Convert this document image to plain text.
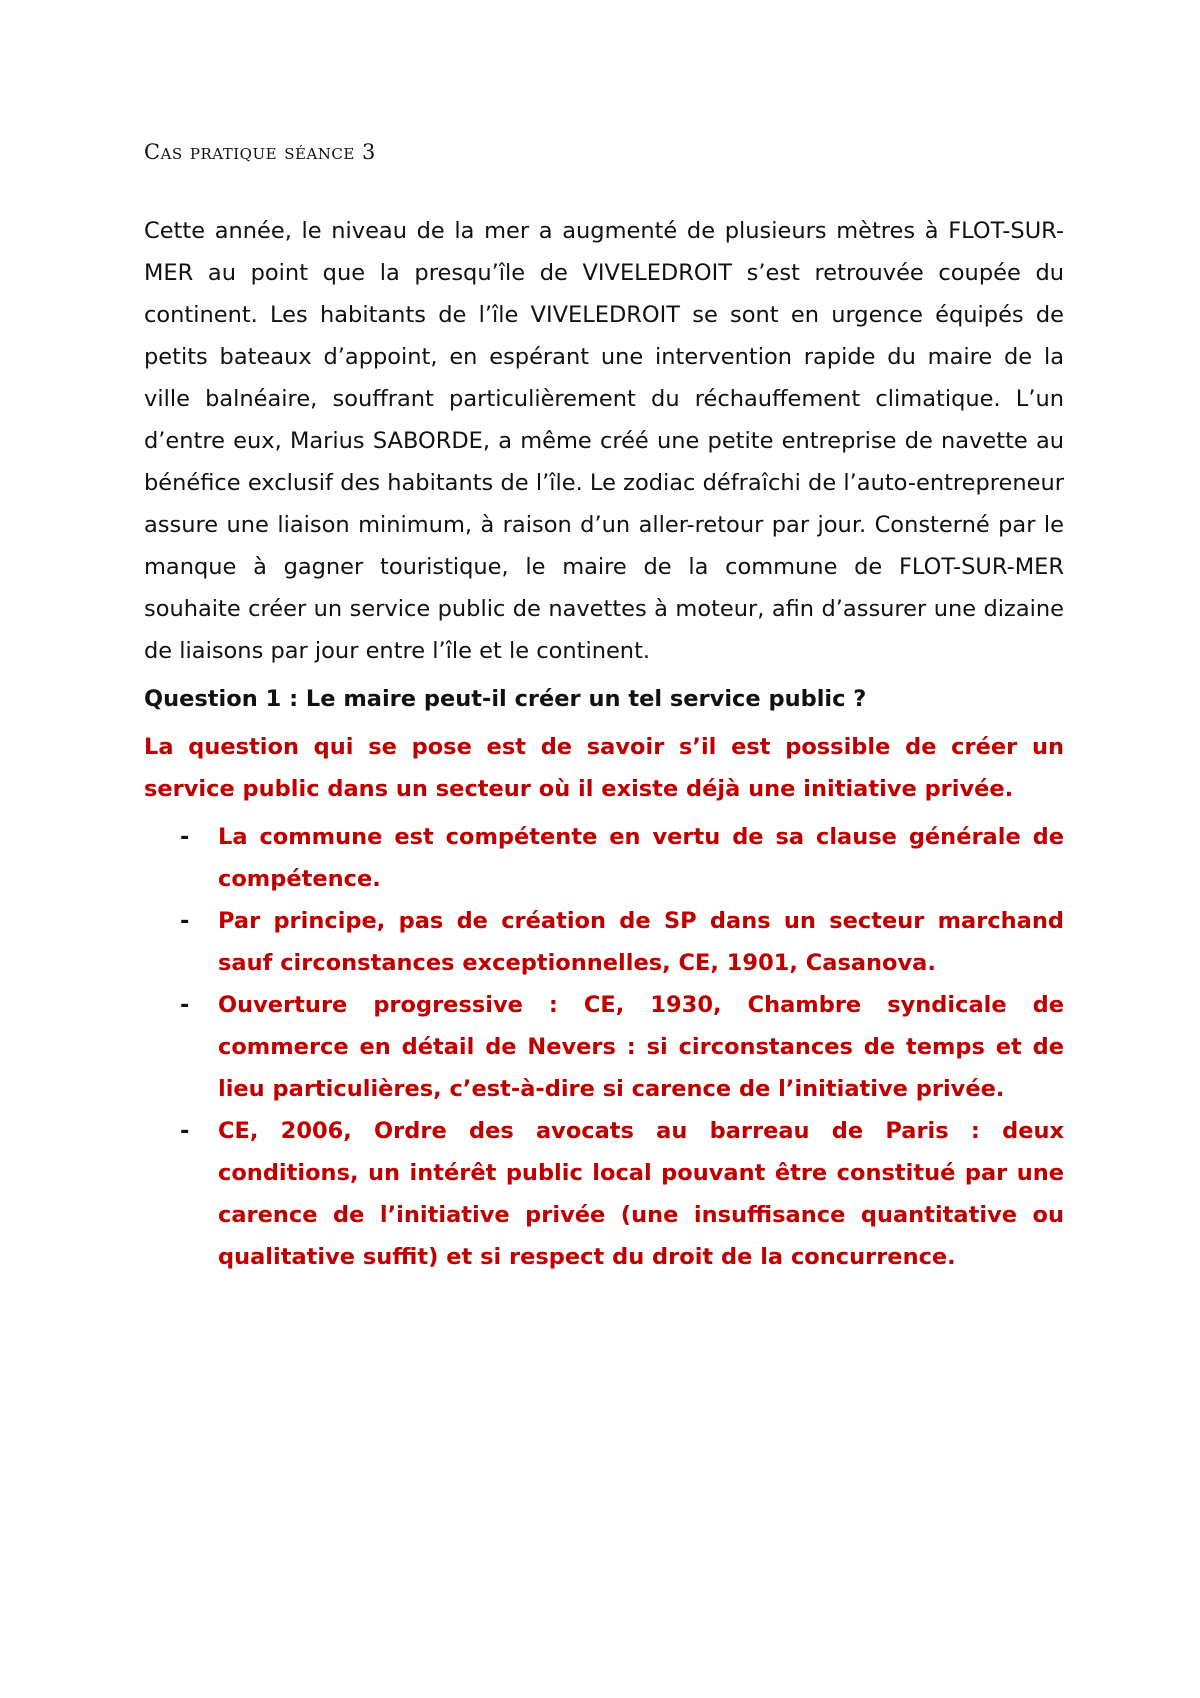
Cas pratique séance 3

Cette année, le niveau de la mer a augmenté de plusieurs mètres à FLOT-SUR-MER au point que la presqu’île de VIVELEDROIT s’est retrouvée coupée du continent. Les habitants de l’île VIVELEDROIT se sont en urgence équipés de petits bateaux d’appoint, en espérant une intervention rapide du maire de la ville balnéaire, souffrant particulièrement du réchauffement climatique. L’un d’entre eux, Marius SABORDE, a même créé une petite entreprise de navette au bénéfice exclusif des habitants de l’île. Le zodiac défraîchi de l’auto-entrepreneur assure une liaison minimum, à raison d’un aller-retour par jour. Consterné par le manque à gagner touristique, le maire de la commune de FLOT-SUR-MER souhaite créer un service public de navettes à moteur, afin d’assurer une dizaine de liaisons par jour entre l’île et le continent.

Question 1 : Le maire peut-il créer un tel service public ?

La question qui se pose est de savoir s’il est possible de créer un service public dans un secteur où il existe déjà une initiative privée.

- La commune est compétente en vertu de sa clause générale de compétence.
- Par principe, pas de création de SP dans un secteur marchand sauf circonstances exceptionnelles, CE, 1901, Casanova.
- Ouverture progressive : CE, 1930, Chambre syndicale de commerce en détail de Nevers : si circonstances de temps et de lieu particulières, c’est-à-dire si carence de l’initiative privée.
- CE, 2006, Ordre des avocats au barreau de Paris : deux conditions, un intérêt public local pouvant être constitué par une carence de l’initiative privée (une insuffisance quantitative ou qualitative suffit) et si respect du droit de la concurrence.
